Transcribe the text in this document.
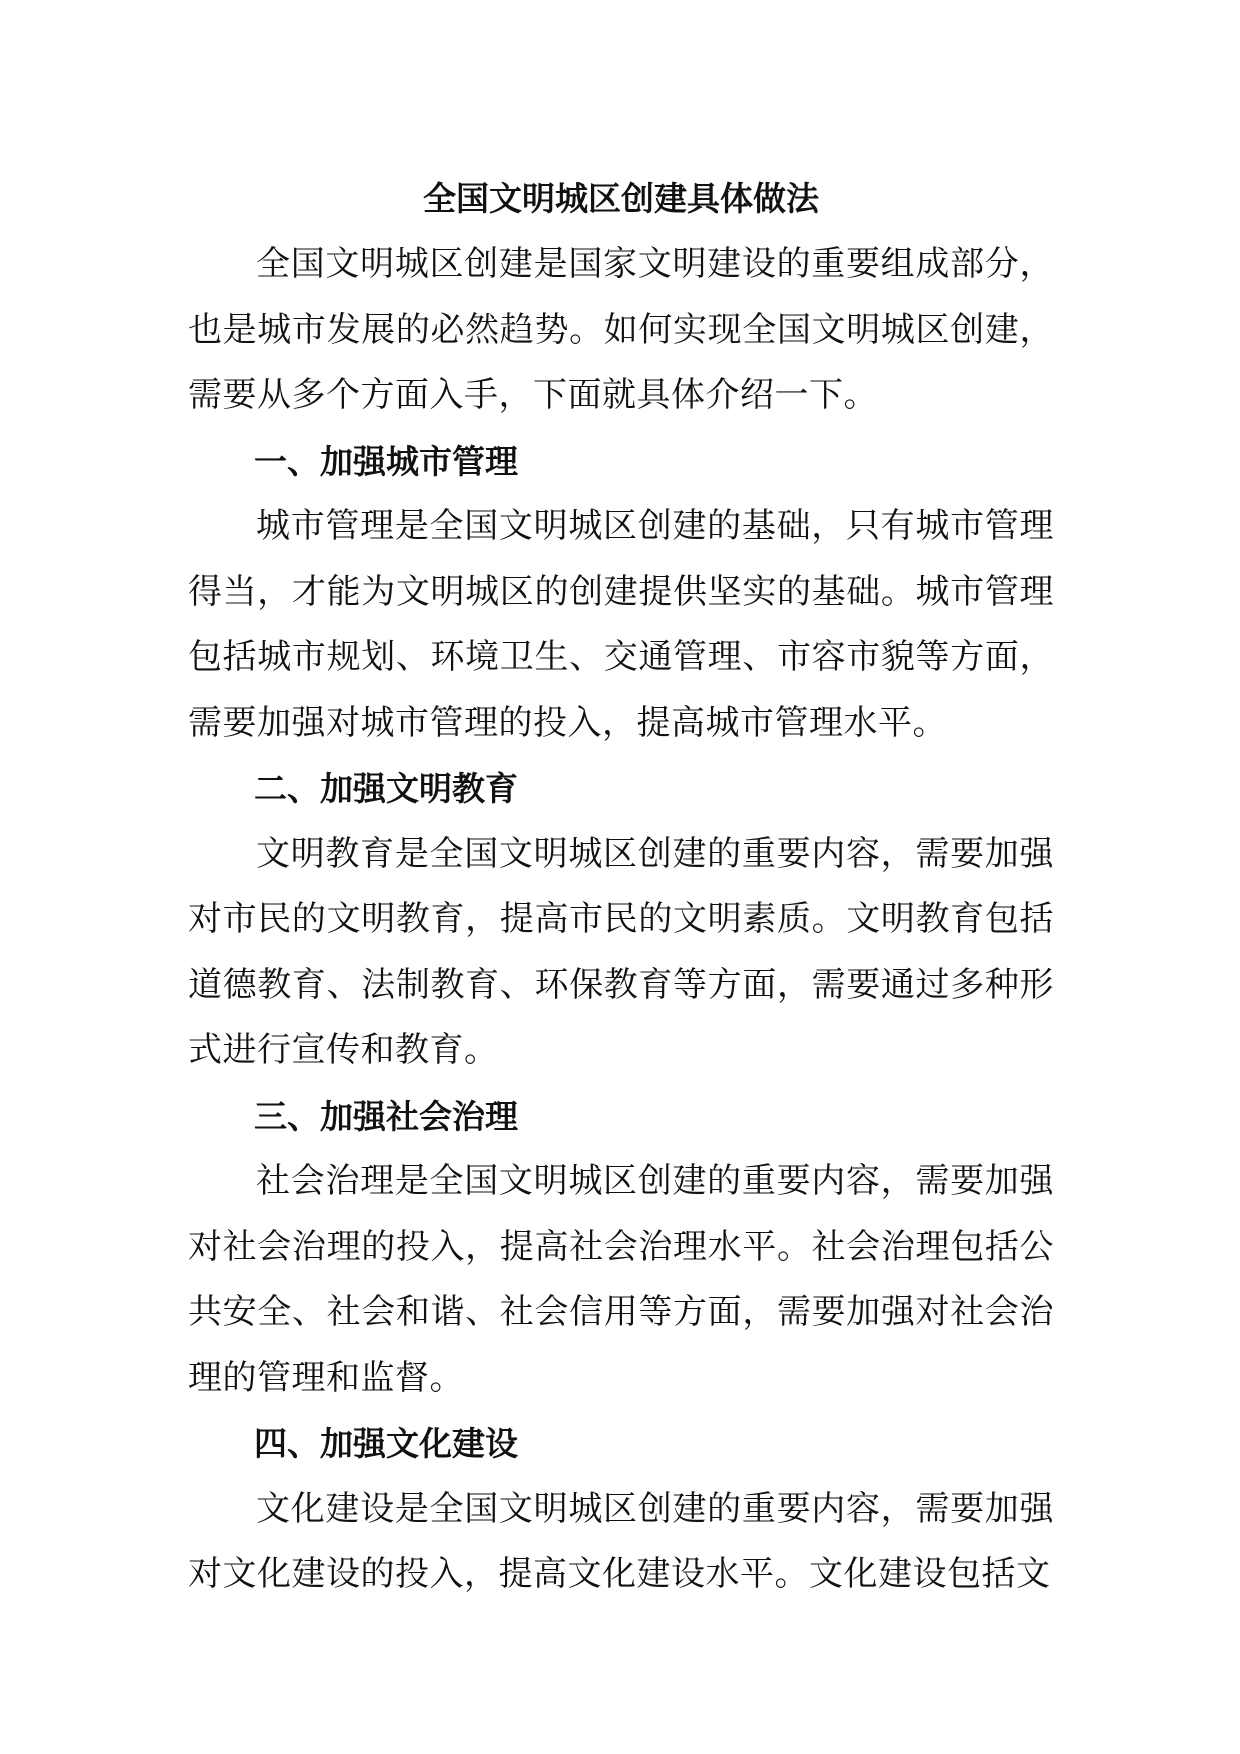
全国文明城区创建具体做法

全国文明城区创建是国家文明建设的重要组成部分，也是城市发展的必然趋势。如何实现全国文明城区创建，需要从多个方面入手，下面就具体介绍一下。

一、加强城市管理

城市管理是全国文明城区创建的基础，只有城市管理得当，才能为文明城区的创建提供坚实的基础。城市管理包括城市规划、环境卫生、交通管理、市容市貌等方面，需要加强对城市管理的投入，提高城市管理水平。

二、加强文明教育

文明教育是全国文明城区创建的重要内容，需要加强对市民的文明教育，提高市民的文明素质。文明教育包括道德教育、法制教育、环保教育等方面，需要通过多种形式进行宣传和教育。

三、加强社会治理

社会治理是全国文明城区创建的重要内容，需要加强对社会治理的投入，提高社会治理水平。社会治理包括公共安全、社会和谐、社会信用等方面，需要加强对社会治理的管理和监督。

四、加强文化建设

文化建设是全国文明城区创建的重要内容，需要加强对文化建设的投入，提高文化建设水平。文化建设包括文
